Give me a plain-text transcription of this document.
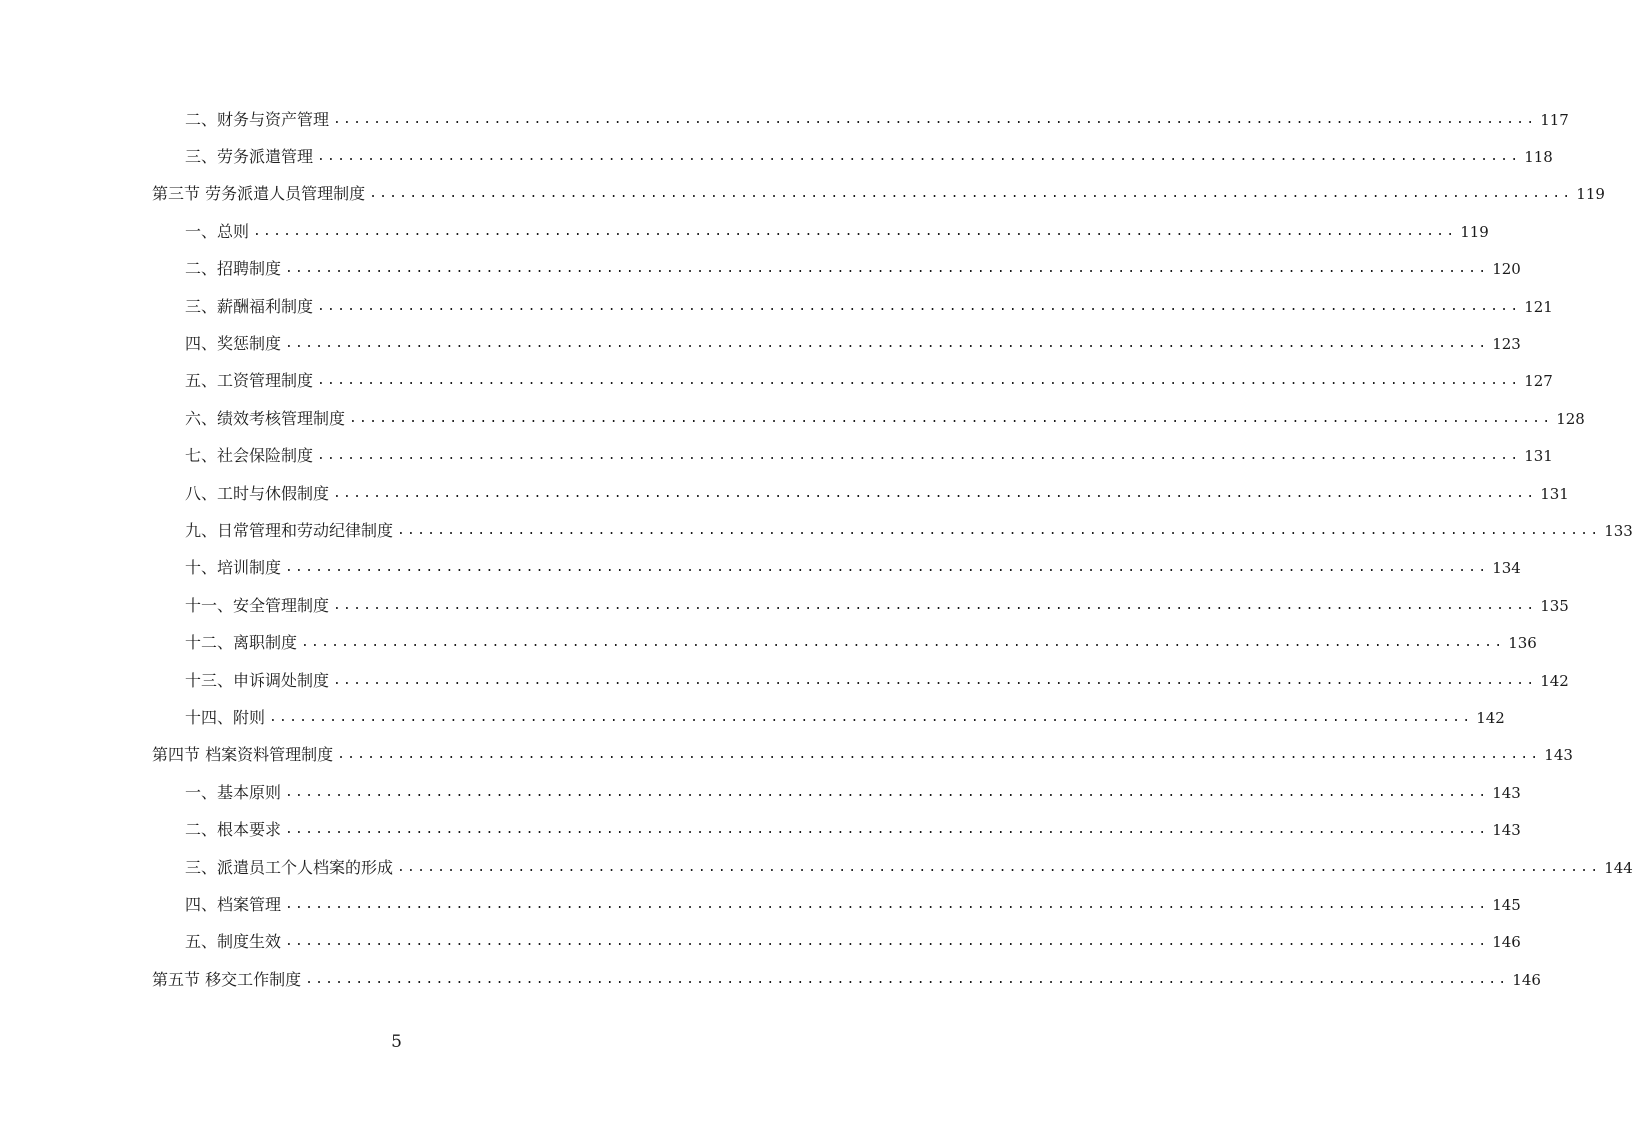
二、财务与资产管理 ........................................................................................................................ 117
三、劳务派遣管理 ........................................................................................................................ 118
第三节 劳务派遣人员管理制度 ........................................................................................................................ 119
一、总则 ........................................................................................................................ 119
二、招聘制度 ........................................................................................................................ 120
三、薪酬福利制度 ........................................................................................................................ 121
四、奖惩制度 ........................................................................................................................ 123
五、工资管理制度 ........................................................................................................................ 127
六、绩效考核管理制度 ........................................................................................................................ 128
七、社会保险制度 ........................................................................................................................ 131
八、工时与休假制度 ........................................................................................................................ 131
九、日常管理和劳动纪律制度 ........................................................................................................................ 133
十、培训制度 ........................................................................................................................ 134
十一、安全管理制度 ........................................................................................................................ 135
十二、离职制度 ........................................................................................................................ 136
十三、申诉调处制度 ........................................................................................................................ 142
十四、附则 ........................................................................................................................ 142
第四节 档案资料管理制度 ........................................................................................................................ 143
一、基本原则 ........................................................................................................................ 143
二、根本要求 ........................................................................................................................ 143
三、派遣员工个人档案的形成 ........................................................................................................................ 144
四、档案管理 ........................................................................................................................ 145
五、制度生效 ........................................................................................................................ 146
第五节 移交工作制度 ........................................................................................................................ 146
5
